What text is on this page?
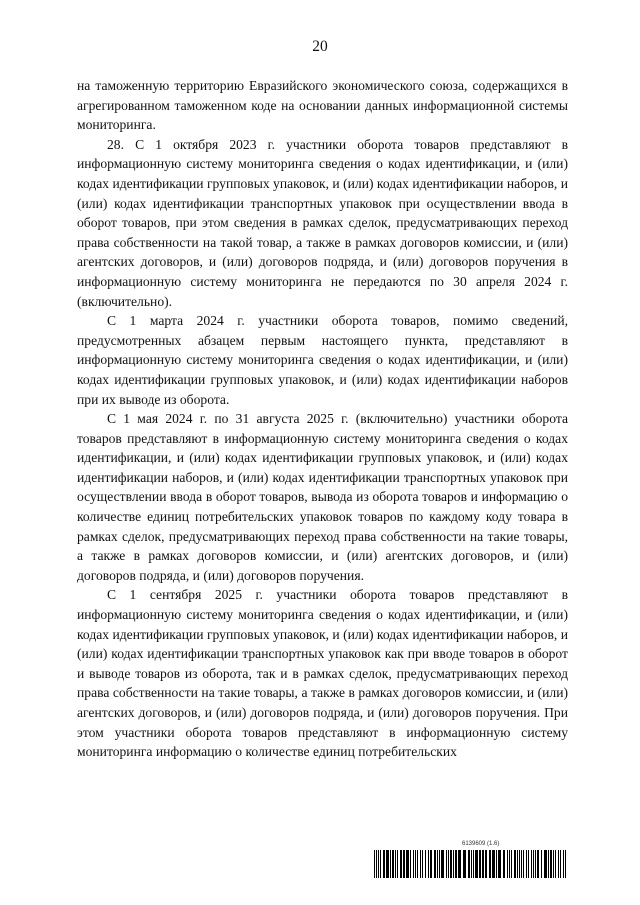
20

на таможенную территорию Евразийского экономического союза, содержащихся в агрегированном таможенном коде на основании данных информационной системы мониторинга.

28. С 1 октября 2023 г. участники оборота товаров представляют в информационную систему мониторинга сведения о кодах идентификации, и (или) кодах идентификации групповых упаковок, и (или) кодах идентификации наборов, и (или) кодах идентификации транспортных упаковок при осуществлении ввода в оборот товаров, при этом сведения в рамках сделок, предусматривающих переход права собственности на такой товар, а также в рамках договоров комиссии, и (или) агентских договоров, и (или) договоров подряда, и (или) договоров поручения в информационную систему мониторинга не передаются по 30 апреля 2024 г. (включительно).

С 1 марта 2024 г. участники оборота товаров, помимо сведений, предусмотренных абзацем первым настоящего пункта, представляют в информационную систему мониторинга сведения о кодах идентификации, и (или) кодах идентификации групповых упаковок, и (или) кодах идентификации наборов при их выводе из оборота.

С 1 мая 2024 г. по 31 августа 2025 г. (включительно) участники оборота товаров представляют в информационную систему мониторинга сведения о кодах идентификации, и (или) кодах идентификации групповых упаковок, и (или) кодах идентификации наборов, и (или) кодах идентификации транспортных упаковок при осуществлении ввода в оборот товаров, вывода из оборота товаров и информацию о количестве единиц потребительских упаковок товаров по каждому коду товара в рамках сделок, предусматривающих переход права собственности на такие товары, а также в рамках договоров комиссии, и (или) агентских договоров, и (или) договоров подряда, и (или) договоров поручения.

С 1 сентября 2025 г. участники оборота товаров представляют в информационную систему мониторинга сведения о кодах идентификации, и (или) кодах идентификации групповых упаковок, и (или) кодах идентификации наборов, и (или) кодах идентификации транспортных упаковок как при вводе товаров в оборот и выводе товаров из оборота, так и в рамках сделок, предусматривающих переход права собственности на такие товары, а также в рамках договоров комиссии, и (или) агентских договоров, и (или) договоров подряда, и (или) договоров поручения. При этом участники оборота товаров представляют в информационную систему мониторинга информацию о количестве единиц потребительских

6139609 (1.6)
